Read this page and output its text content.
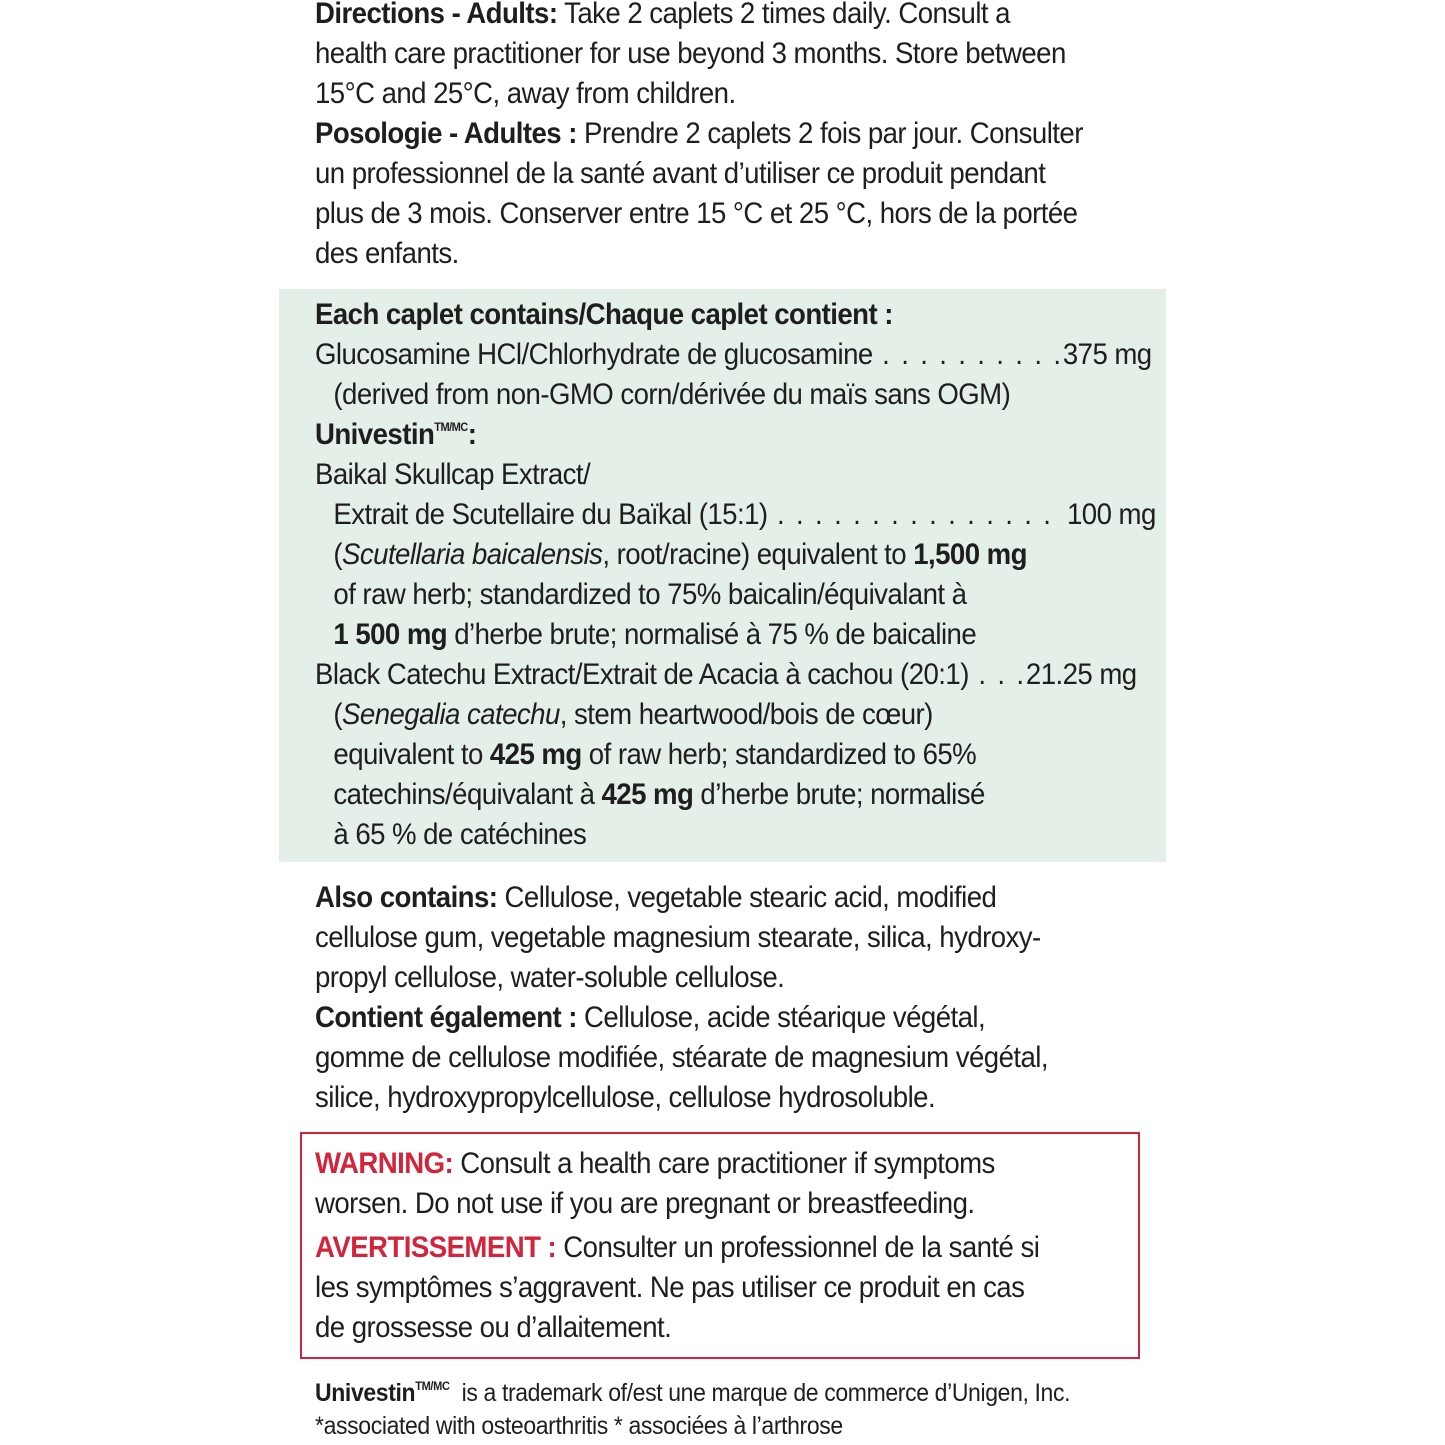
Directions - Adults: Take 2 caplets 2 times daily. Consult a
health care practitioner for use beyond 3 months. Store between
15°C and 25°C, away from children.
Posologie - Adultes : Prendre 2 caplets 2 fois par jour. Consulter
un professionnel de la santé avant d’utiliser ce produit pendant
plus de 3 mois. Conserver entre 15 °C et 25 °C, hors de la portée
des enfants.
Each caplet contains/Chaque caplet contient :
Glucosamine HCl/Chlorhydrate de glucosamine . . . . . . . . . .375 mg
(derived from non-GMO corn/dérivée du maïs sans OGM)
Univestin$^{TM/MC}$:
Baikal Skullcap Extract/
Extrait de Scutellaire du Baïkal (15:1) . . . . . . . . . . . . . . . 100 mg
(Scutellaria baicalensis, root/racine) equivalent to 1,500 mg
of raw herb; standardized to 75% baicalin/équivalant à
1 500 mg d’herbe brute; normalisé à 75 % de baicaline
Black Catechu Extract/Extrait de Acacia à cachou (20:1) . . .21.25 mg
(Senegalia catechu, stem heartwood/bois de cœur)
equivalent to 425 mg of raw herb; standardized to 65%
catechins/équivalant à 425 mg d’herbe brute; normalisé
à 65 % de catéchines
Also contains: Cellulose, vegetable stearic acid, modified
cellulose gum, vegetable magnesium stearate, silica, hydroxy-
propyl cellulose, water-soluble cellulose.
Contient également : Cellulose, acide stéarique végétal,
gomme de cellulose modifiée, stéarate de magnesium végétal,
silice, hydroxypropylcellulose, cellulose hydrosoluble.
WARNING: Consult a health care practitioner if symptoms
worsen. Do not use if you are pregnant or breastfeeding.
AVERTISSEMENT : Consulter un professionnel de la santé si
les symptômes s’aggravent. Ne pas utiliser ce produit en cas
de grossesse ou d’allaitement.
Univestin$^{TM/MC}$  is a trademark of/est une marque de commerce d’Unigen, Inc.
*associated with osteoarthritis * associées à l’arthrose
